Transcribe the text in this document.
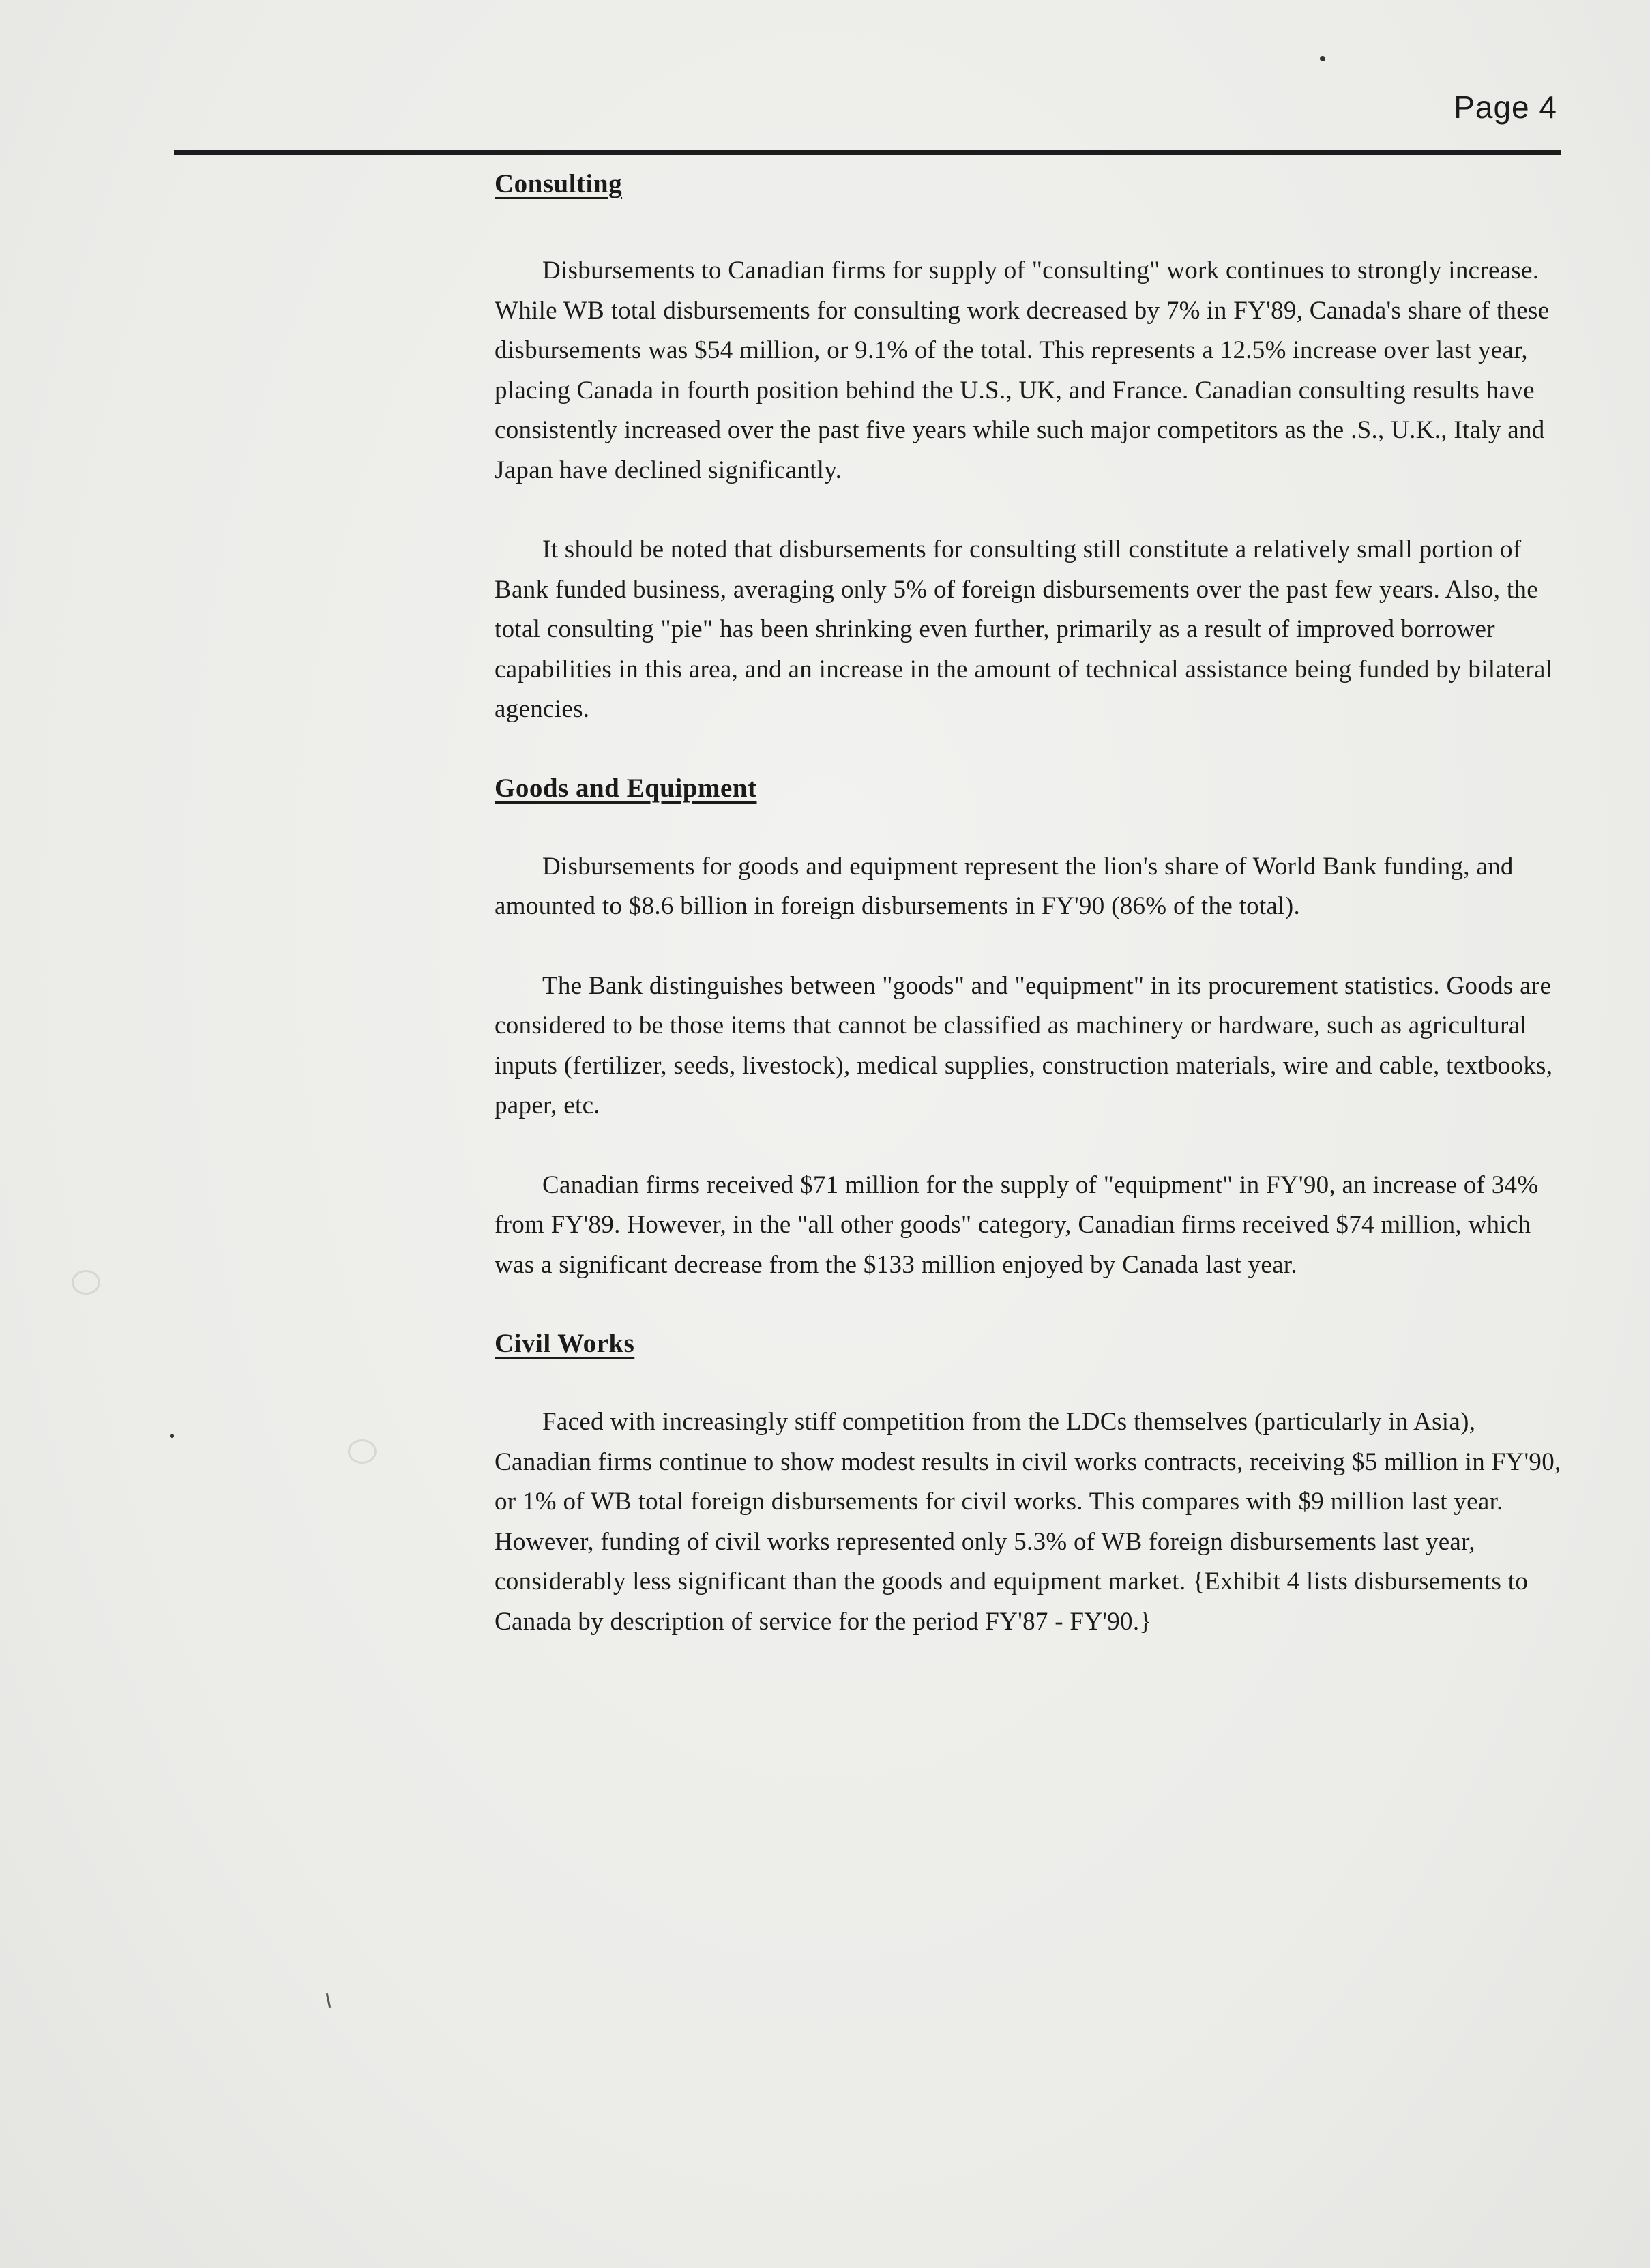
Page 4
Consulting

Disbursements to Canadian firms for supply of "consulting" work continues to strongly increase. While WB total disbursements for consulting work decreased by 7% in FY'89, Canada's share of these disbursements was $54 million, or 9.1% of the total. This represents a 12.5% increase over last year, placing Canada in fourth position behind the U.S., UK, and France. Canadian consulting results have consistently increased over the past five years while such major competitors as the .S., U.K., Italy and Japan have declined significantly.

It should be noted that disbursements for consulting still constitute a relatively small portion of Bank funded business, averaging only 5% of foreign disbursements over the past few years. Also, the total consulting "pie" has been shrinking even further, primarily as a result of improved borrower capabilities in this area, and an increase in the amount of technical assistance being funded by bilateral agencies.

Goods and Equipment

Disbursements for goods and equipment represent the lion's share of World Bank funding, and amounted to $8.6 billion in foreign disbursements in FY'90 (86% of the total).

The Bank distinguishes between "goods" and "equipment" in its procurement statistics. Goods are considered to be those items that cannot be classified as machinery or hardware, such as agricultural inputs (fertilizer, seeds, livestock), medical supplies, construction materials, wire and cable, textbooks, paper, etc.

Canadian firms received $71 million for the supply of "equipment" in FY'90, an increase of 34% from FY'89. However, in the "all other goods" category, Canadian firms received $74 million, which was a significant decrease from the $133 million enjoyed by Canada last year.

Civil Works

Faced with increasingly stiff competition from the LDCs themselves (particularly in Asia), Canadian firms continue to show modest results in civil works contracts, receiving $5 million in FY'90, or 1% of WB total foreign disbursements for civil works. This compares with $9 million last year. However, funding of civil works represented only 5.3% of WB foreign disbursements last year, considerably less significant than the goods and equipment market. {Exhibit 4 lists disbursements to Canada by description of service for the period FY'87 - FY'90.}
